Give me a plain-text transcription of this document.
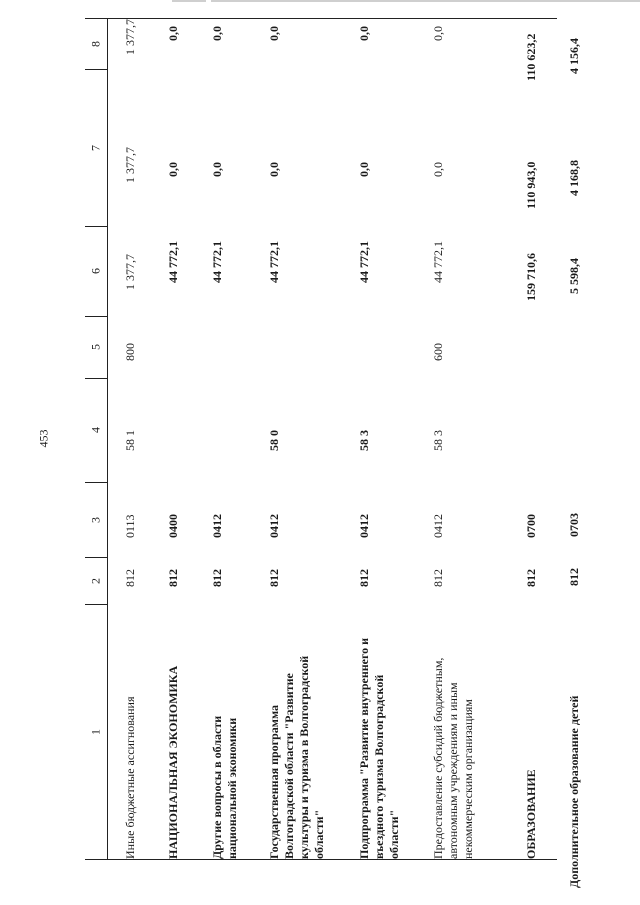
453
8
7
6
5
4
3
2
1
1 377,7
1 377,7
1 377,7
800
58 1
0113
812
Иные бюджетные ассигнования
0,0
0,0
44 772,1
0400
812
НАЦИОНАЛЬНАЯ ЭКОНОМИКА
0,0
0,0
44 772,1
0412
812
Другие вопросы в области национальной экономики
0,0
0,0
44 772,1
58 0
0412
812
Государственная программа Волгоградской области "Развитие культуры и туризма в Волгоградской области"
0,0
0,0
44 772,1
58 3
0412
812
Подпрограмма "Развитие внутреннего и въездного туризма Волгоградской области"
0,0
0,0
44 772,1
600
58 3
0412
812
Предоставление субсидий бюджетным, автономным учреждениям и иным некоммерческим организациям
110 623,2
110 943,0
159 710,6
0700
812
ОБРАЗОВАНИЕ
4 156,4
4 168,8
5 598,4
0703
812
Дополнительное образование детей
